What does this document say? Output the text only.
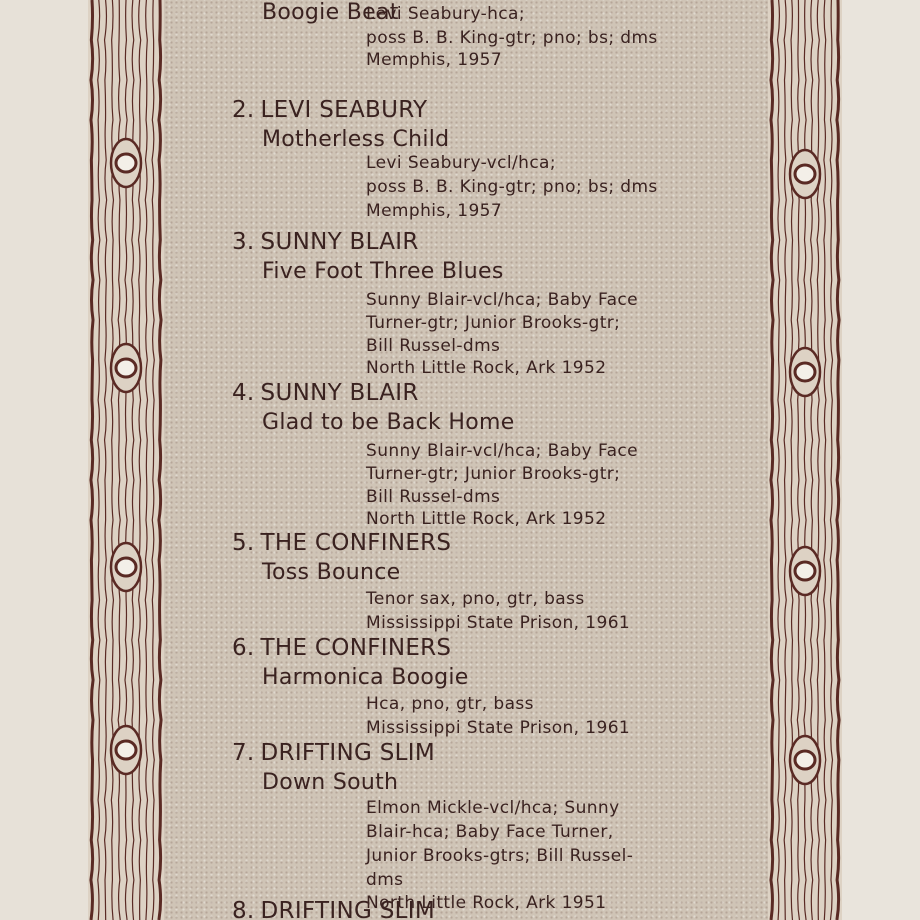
Boogie Beat
Levi Seabury-hca;
poss B. B. King-gtr; pno; bs; dms
Memphis, 1957
2. LEVI SEABURY
Motherless Child
Levi Seabury-vcl/hca;
poss B. B. King-gtr; pno; bs; dms
Memphis, 1957
3. SUNNY BLAIR
Five Foot Three Blues
Sunny Blair-vcl/hca; Baby Face
Turner-gtr; Junior Brooks-gtr;
Bill Russel-dms
North Little Rock, Ark 1952
4. SUNNY BLAIR
Glad to be Back Home
Sunny Blair-vcl/hca; Baby Face
Turner-gtr; Junior Brooks-gtr;
Bill Russel-dms
North Little Rock, Ark 1952
5. THE CONFINERS
Toss Bounce
Tenor sax, pno, gtr, bass
Mississippi State Prison, 1961
6. THE CONFINERS
Harmonica Boogie
Hca, pno, gtr, bass
Mississippi State Prison, 1961
7. DRIFTING SLIM
Down South
Elmon Mickle-vcl/hca; Sunny
Blair-hca; Baby Face Turner,
Junior Brooks-gtrs; Bill Russel-
dms
North Little Rock, Ark 1951
8. DRIFTING SLIM
